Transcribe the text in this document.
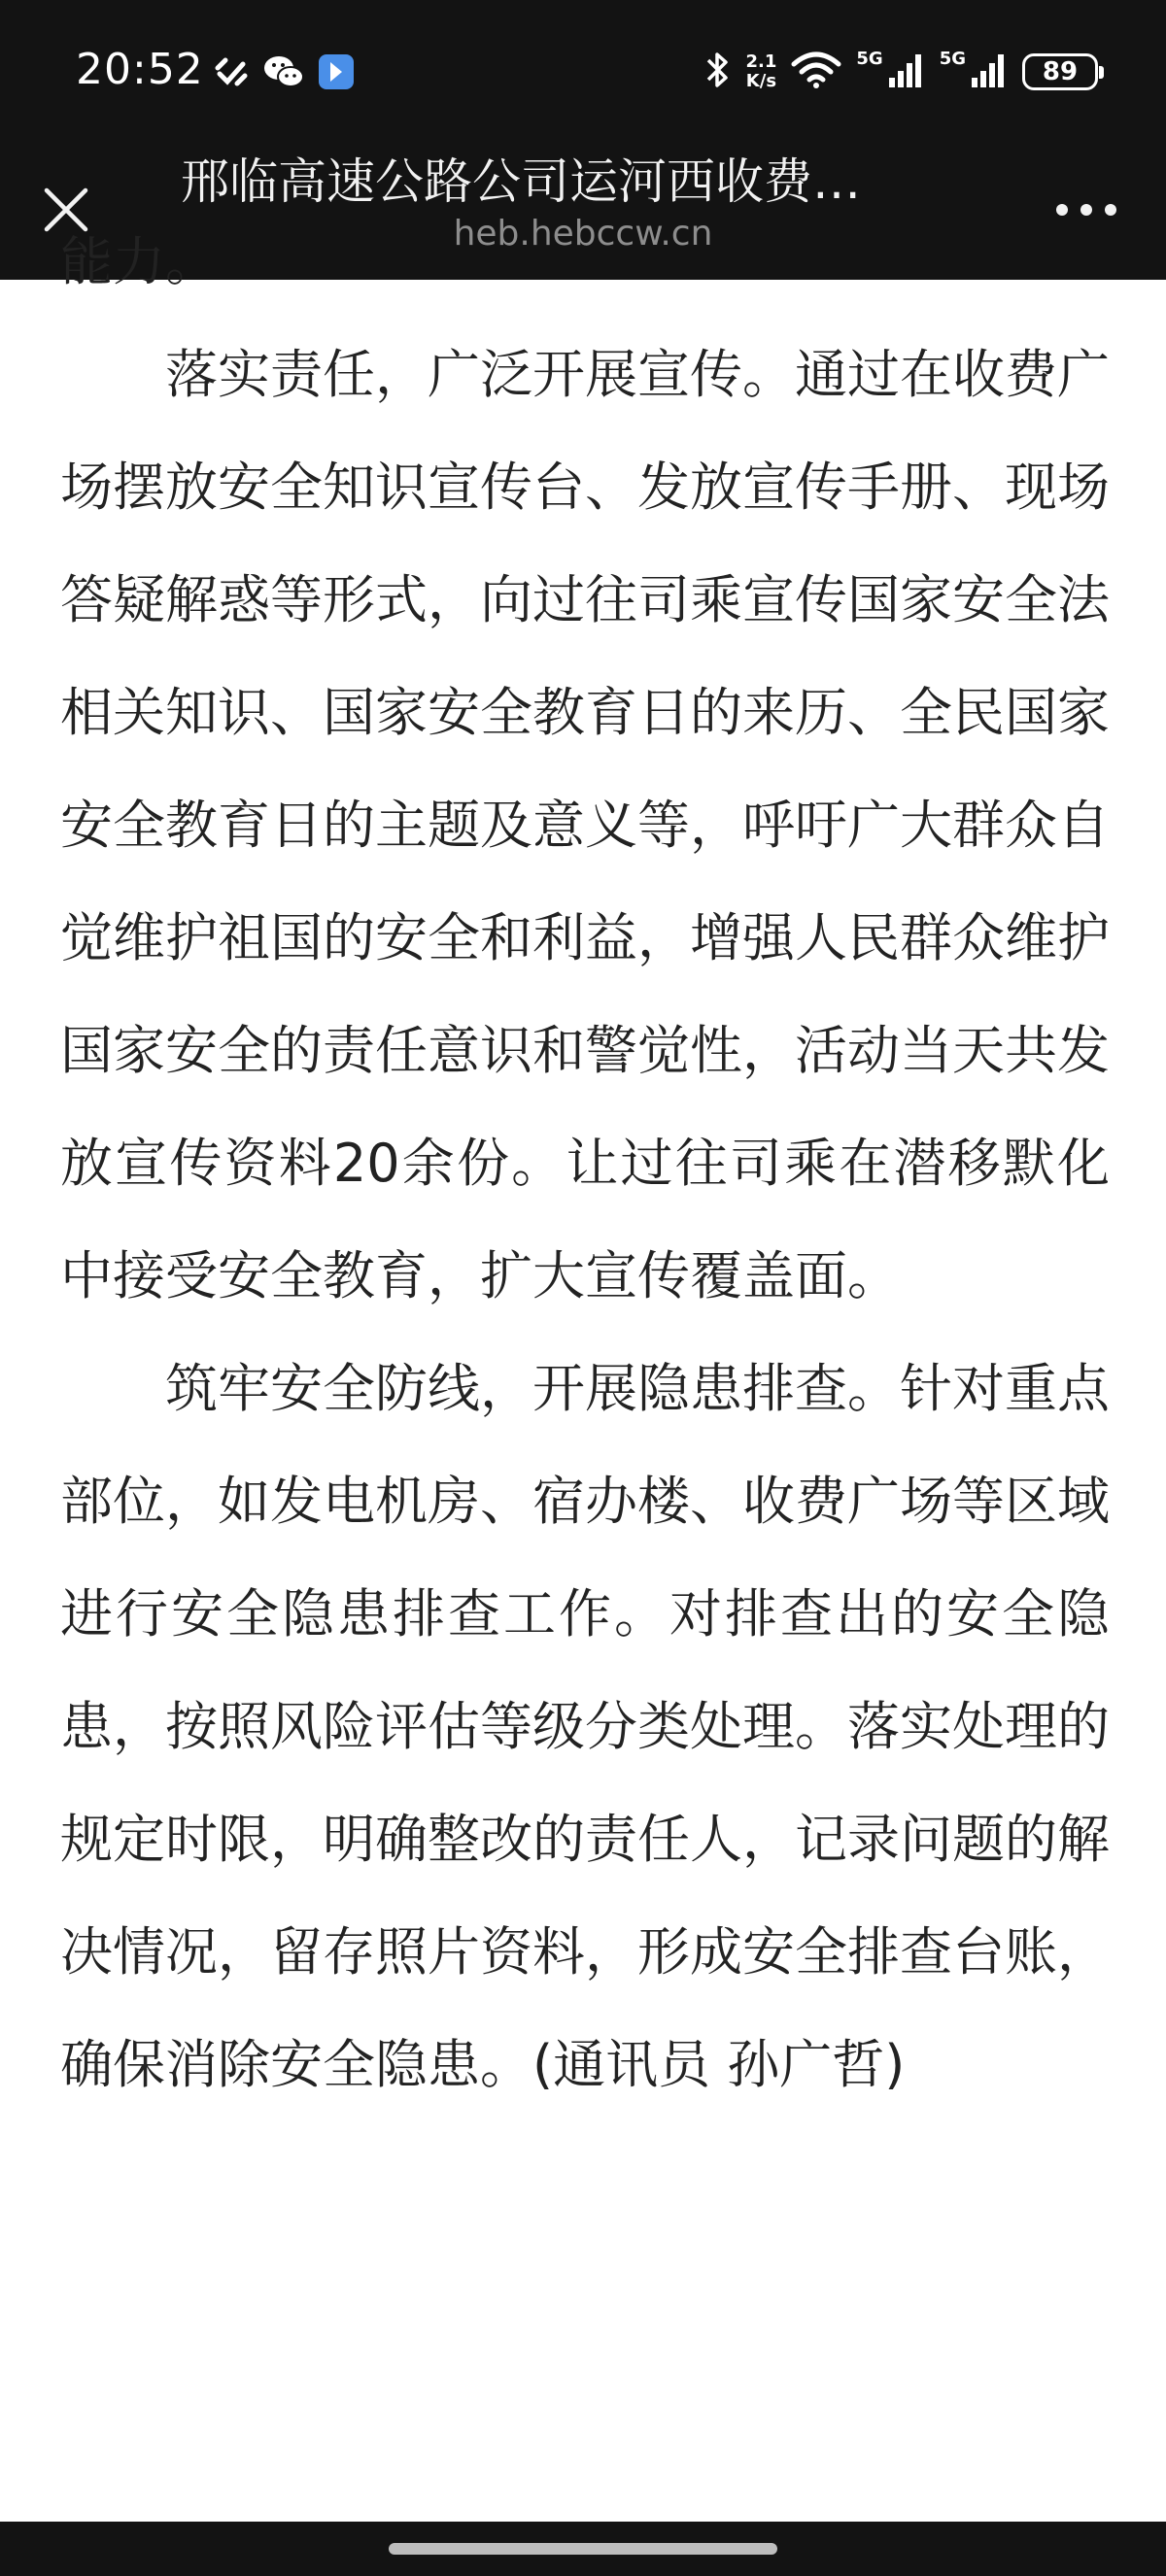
20:52	2.1
K/s
5G	5G	89
邢临高速公路公司运河西收费…
heb.hebccw.cn

能力。

落实责任，广泛开展宣传。通过在收费广场摆放安全知识宣传台、发放宣传手册、现场答疑解惑等形式，向过往司乘宣传国家安全法相关知识、国家安全教育日的来历、全民国家安全教育日的主题及意义等，呼吁广大群众自觉维护祖国的安全和利益，增强人民群众维护国家安全的责任意识和警觉性，活动当天共发放宣传资料20余份。让过往司乘在潜移默化中接受安全教育，扩大宣传覆盖面。

筑牢安全防线，开展隐患排查。针对重点部位，如发电机房、宿办楼、收费广场等区域进行安全隐患排查工作。对排查出的安全隐患，按照风险评估等级分类处理。落实处理的规定时限，明确整改的责任人，记录问题的解决情况，留存照片资料，形成安全排查台账，确保消除安全隐患。(通讯员 孙广哲)
